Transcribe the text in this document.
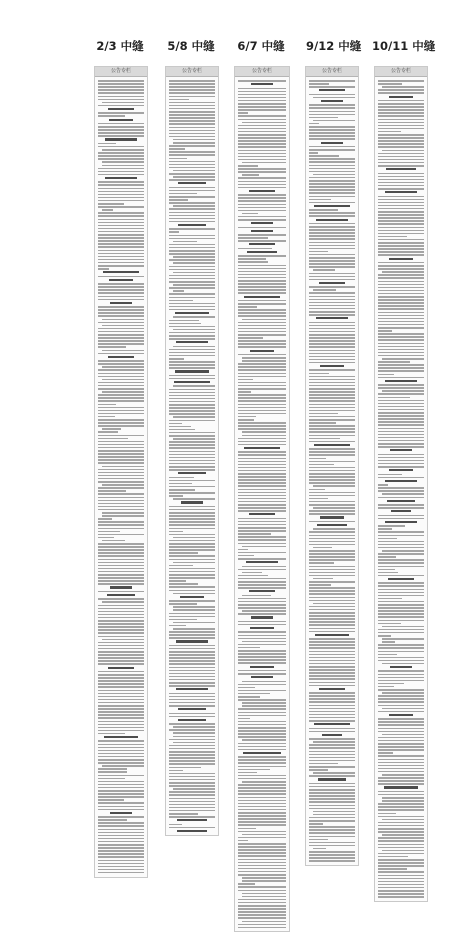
2/3 中缝 5/8 中缝 6/7 中缝 9/12 中缝 10/11 中缝
公告专栏	公告专栏	公告专栏	公告专栏	公告专栏
